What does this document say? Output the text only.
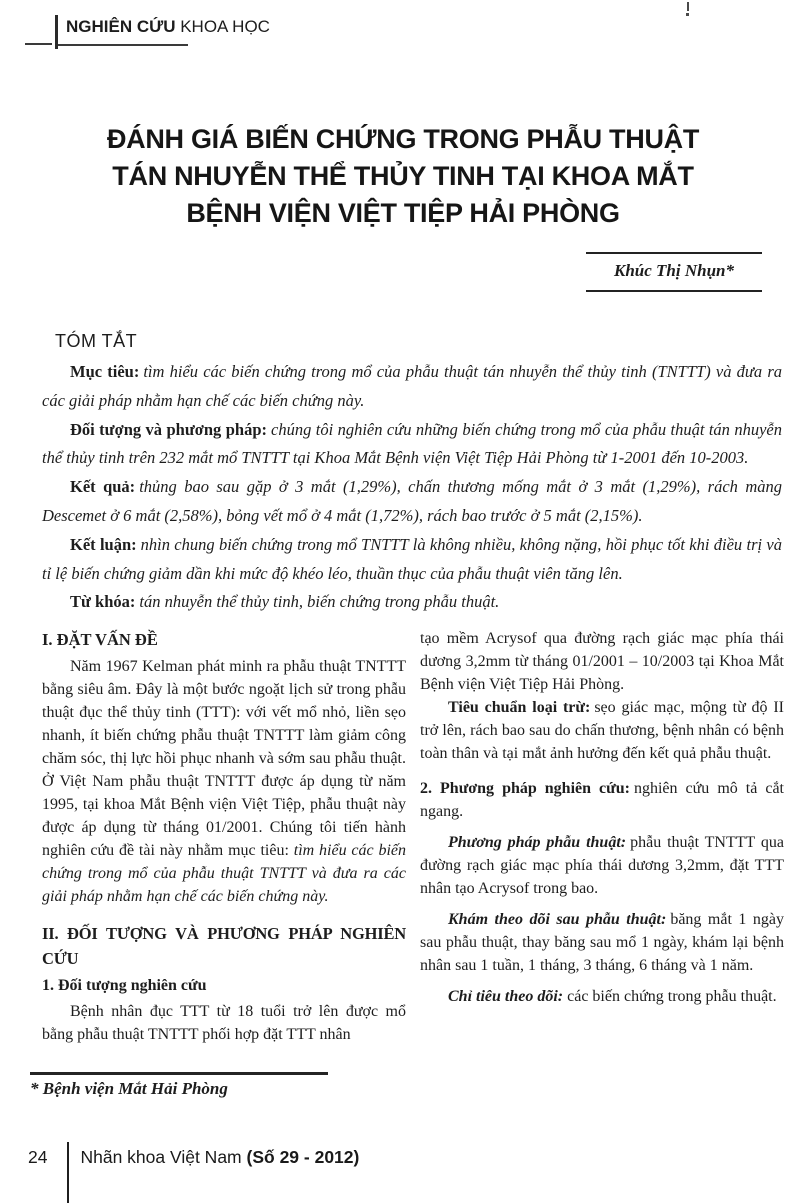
NGHIÊN CỨU KHOA HỌC
ĐÁNH GIÁ BIẾN CHỨNG TRONG PHẪU THUẬT
TÁN NHUYỄN THỂ THỦY TINH TẠI KHOA MẮT
BỆNH VIỆN VIỆT TIỆP HẢI PHÒNG
Khúc Thị Nhụn*
TÓM TẮT

Mục tiêu: tìm hiểu các biến chứng trong mổ của phẫu thuật tán nhuyễn thể thủy tinh (TNTTT) và đưa ra các giải pháp nhằm hạn chế các biến chứng này.

Đối tượng và phương pháp: chúng tôi nghiên cứu những biến chứng trong mổ của phẫu thuật tán nhuyễn thể thủy tinh trên 232 mắt mổ TNTTT tại Khoa Mắt Bệnh viện Việt Tiệp Hải Phòng từ 1-2001 đến 10-2003.

Kết quả: thủng bao sau gặp ở 3 mắt (1,29%), chấn thương mống mắt ở 3 mắt (1,29%), rách màng Descemet ở 6 mắt (2,58%), bỏng vết mổ ở 4 mắt (1,72%), rách bao trước ở 5 mắt (2,15%).

Kết luận: nhìn chung biến chứng trong mổ TNTTT là không nhiều, không nặng, hồi phục tốt khi điều trị và tỉ lệ biến chứng giảm dần khi mức độ khéo léo, thuần thục của phẫu thuật viên tăng lên.

Từ khóa: tán nhuyễn thể thủy tinh, biến chứng trong phẫu thuật.

I. ĐẶT VẤN ĐỀ

Năm 1967 Kelman phát minh ra phẫu thuật TNTTT bằng siêu âm. Đây là một bước ngoặt lịch sử trong phẫu thuật đục thể thủy tinh (TTT): với vết mổ nhỏ, liền sẹo nhanh, ít biến chứng phẫu thuật TNTTT làm giảm công chăm sóc, thị lực hồi phục nhanh và sớm sau phẫu thuật. Ở Việt Nam phẫu thuật TNTTT được áp dụng từ năm 1995, tại khoa Mắt Bệnh viện Việt Tiệp, phẫu thuật này được áp dụng từ tháng 01/2001. Chúng tôi tiến hành nghiên cứu đề tài này nhằm mục tiêu: tìm hiểu các biến chứng trong mổ của phẫu thuật TNTTT và đưa ra các giải pháp nhằm hạn chế các biến chứng này.

II. ĐỐI TƯỢNG VÀ PHƯƠNG PHÁP NGHIÊN CỨU
1. Đối tượng nghiên cứu

Bệnh nhân đục TTT từ 18 tuổi trở lên được mổ bằng phẫu thuật TNTTT phối hợp đặt TTT nhân

tạo mềm Acrysof qua đường rạch giác mạc phía thái dương 3,2mm từ tháng 01/2001 – 10/2003 tại Khoa Mắt Bệnh viện Việt Tiệp Hải Phòng.

Tiêu chuẩn loại trừ: sẹo giác mạc, mộng từ độ II trở lên, rách bao sau do chấn thương, bệnh nhân có bệnh toàn thân và tại mắt ảnh hưởng đến kết quả phẫu thuật.

2. Phương pháp nghiên cứu: nghiên cứu mô tả cắt ngang.

Phương pháp phẫu thuật: phẫu thuật TNTTT qua đường rạch giác mạc phía thái dương 3,2mm, đặt TTT nhân tạo Acrysof trong bao.

Khám theo dõi sau phẫu thuật: băng mắt 1 ngày sau phẫu thuật, thay băng sau mổ 1 ngày, khám lại bệnh nhân sau 1 tuần, 1 tháng, 3 tháng, 6 tháng và 1 năm.

Chỉ tiêu theo dõi: các biến chứng trong phẫu thuật.

* Bệnh viện Mắt Hải Phòng
24 Nhãn khoa Việt Nam (Số 29 - 2012)
